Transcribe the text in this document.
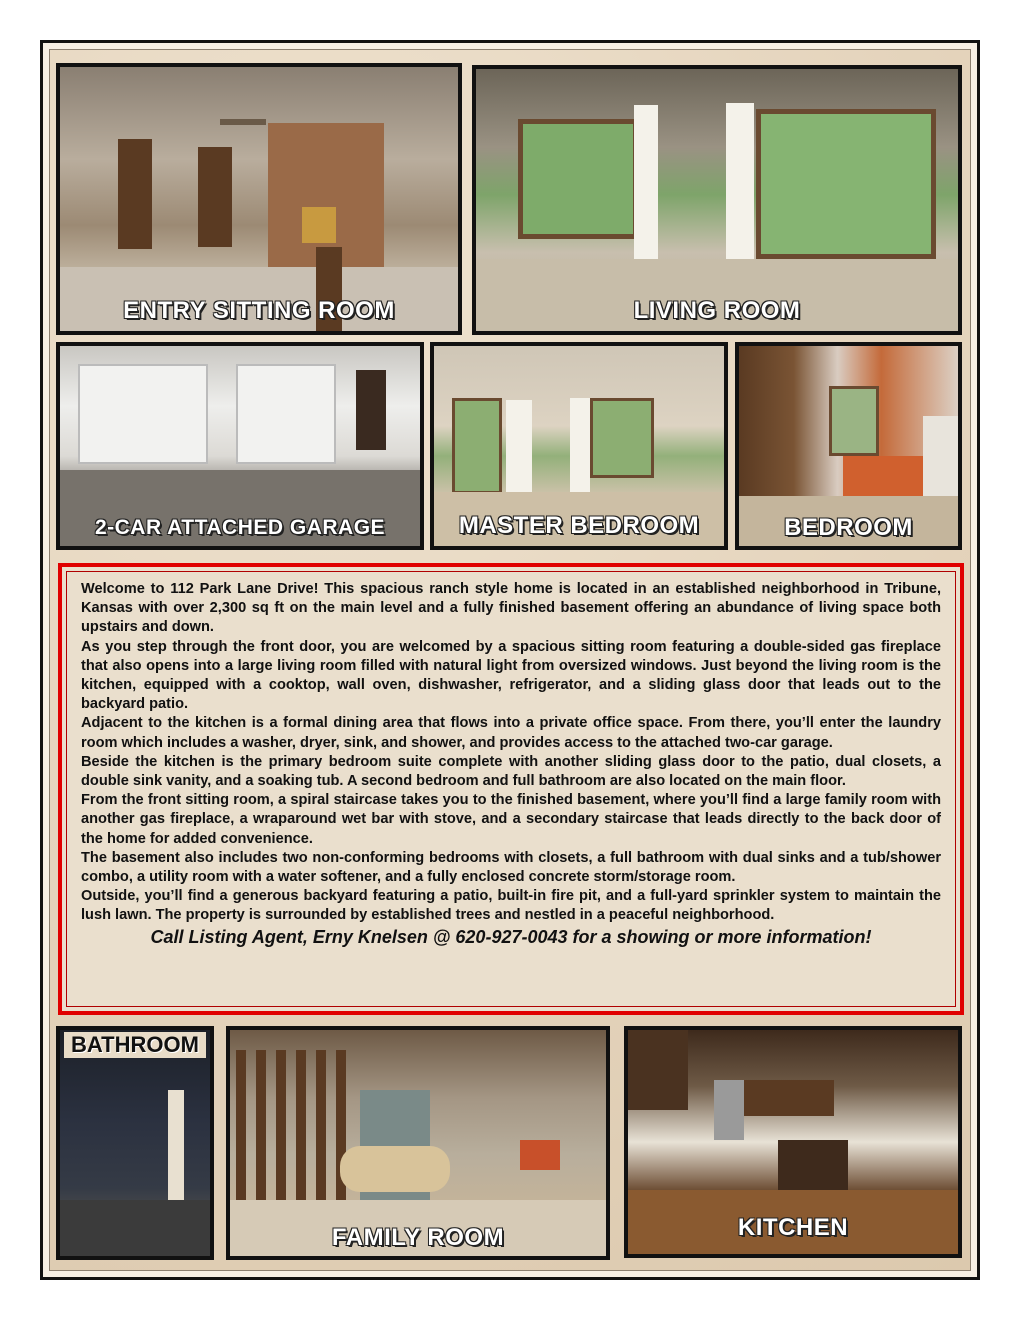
ENTRY SITTING ROOM	LIVING ROOM
2-CAR ATTACHED GARAGE	MASTER BEDROOM	BEDROOM

Welcome to 112 Park Lane Drive! This spacious ranch style home is located in an established neighborhood in Tribune, Kansas with over 2,300 sq ft on the main level and a fully finished basement offering an abundance of living space both upstairs and down.

As you step through the front door, you are welcomed by a spacious sitting room featuring a double-sided gas fireplace that also opens into a large living room filled with natural light from oversized windows. Just beyond the living room is the kitchen, equipped with a cooktop, wall oven, dishwasher, refrigerator, and a sliding glass door that leads out to the backyard patio.

Adjacent to the kitchen is a formal dining area that flows into a private office space. From there, you’ll enter the laundry room which includes a washer, dryer, sink, and shower, and provides access to the attached two-car garage.

Beside the kitchen is the primary bedroom suite complete with another sliding glass door to the patio, dual closets, a double sink vanity, and a soaking tub. A second bedroom and full bathroom are also located on the main floor.

From the front sitting room, a spiral staircase takes you to the finished basement, where you’ll find a large family room with another gas fireplace, a wraparound wet bar with stove, and a secondary staircase that leads directly to the back door of the home for added convenience.

The basement also includes two non-conforming bedrooms with closets, a full bathroom with dual sinks and a tub/shower combo, a utility room with a water softener, and a fully enclosed concrete storm/storage room.

Outside, you’ll find a generous backyard featuring a patio, built-in fire pit, and a full-yard sprinkler system to maintain the lush lawn. The property is surrounded by established trees and nestled in a peaceful neighborhood.

Call Listing Agent, Erny Knelsen @ 620-927-0043 for a showing or more information!

BATHROOM
FAMILY ROOM	KITCHEN
